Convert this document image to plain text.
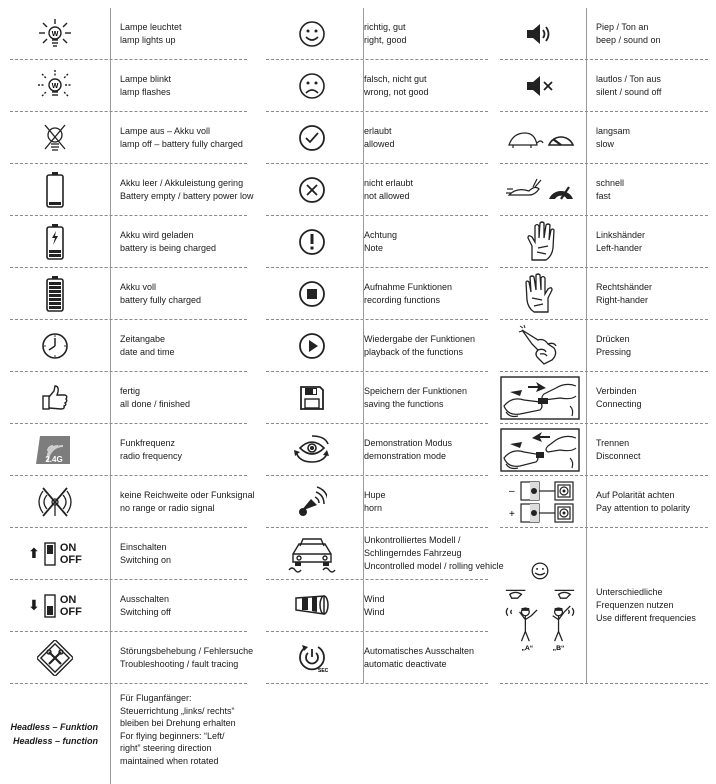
W
Lampe leuchtet
lamp lights up
W
Lampe blinkt
lamp flashes
Lampe aus – Akku voll
lamp off – battery fully charged
Akku leer / Akkuleistung gering
Battery empty / battery power low
Akku wird geladen
battery is being charged
Akku voll
battery fully charged
Zeitangabe
date and time
fertig
all done / finished
2.4G
Funkfrequenz
radio frequency
keine Reichweite oder Funksignal
no range or radio signal
⬆ ON
OFF
Einschalten
Switching on
⬇ ON
OFF
Ausschalten
Switching off
Störungsbehebung / Fehlersuche
Troubleshooting / fault tracing
Headless – Funktion
Headless – function
Für Fluganfänger:
Steuerrichtung „links/ rechts“
bleiben bei Drehung erhalten
For flying beginners: “Left/
right” steering direction
maintained when rotated
richtig, gut
right, good
falsch, nicht gut
wrong, not good
erlaubt
allowed
nicht erlaubt
not allowed
Achtung
Note
Aufnahme Funktionen
recording functions
Wiedergabe der Funktionen
playback of the functions
Speichern der Funktionen
saving the functions
Demonstration Modus
demonstration mode
Hupe
horn
Unkontrolliertes Modell /
Schlingerndes Fahrzeug
Uncontrolled model / rolling vehicle
Wind
Wind
SEC
Automatisches Ausschalten
automatic deactivate
Piep / Ton an
beep / sound on
lautlos / Ton aus
silent / sound off
langsam
slow
schnell
fast
Linkshänder
Left-hander
Rechtshänder
Right-hander
Drücken
Pressing
Verbinden
Connecting
Trennen
Disconnect
–
+
Auf Polarität achten
Pay attention to polarity
„A“	„B“
Unterschiedliche
Frequenzen nutzen
Use different frequencies
